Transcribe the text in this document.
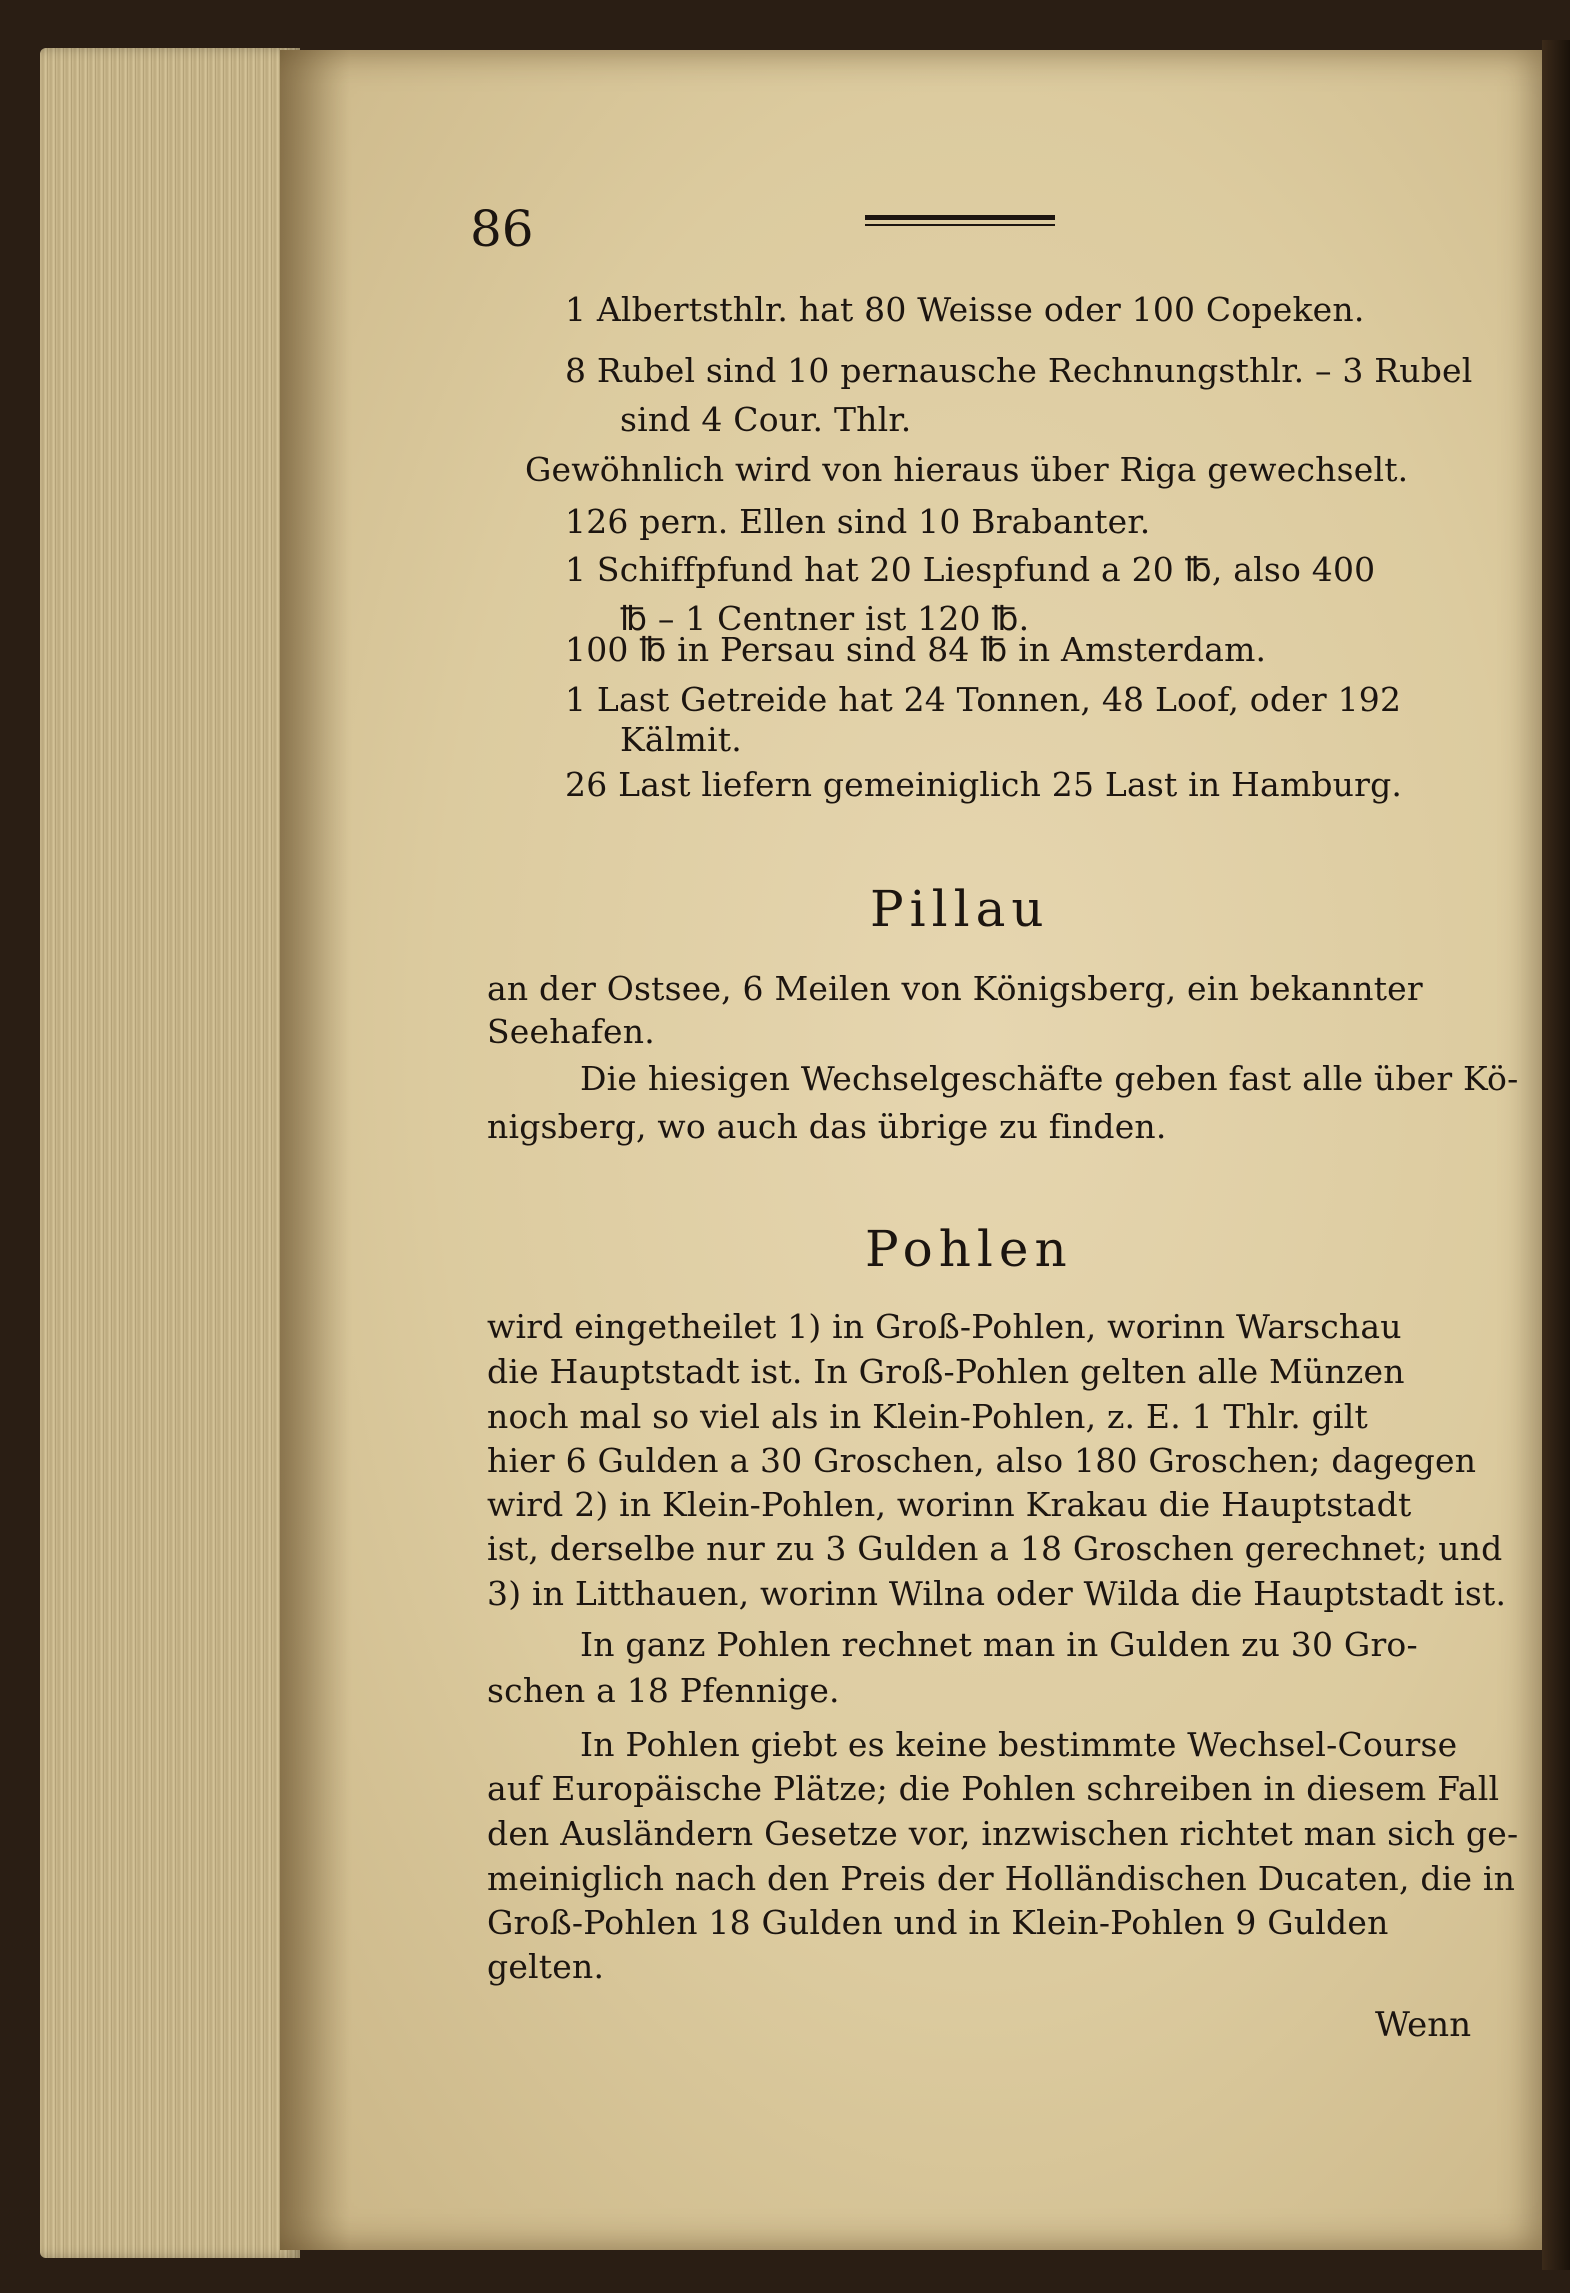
86
1 Albertsthlr. hat 80 Weisse oder 100 Copeken.
8 Rubel sind 10 pernausche Rechnungsthlr. – 3 Rubel
sind 4 Cour. Thlr.
Gewöhnlich wird von hieraus über Riga gewechselt.
126 pern. Ellen sind 10 Brabanter.
1 Schiffpfund hat 20 Liespfund a 20 ℔, also 400
℔ – 1 Centner ist 120 ℔.
100 ℔ in Persau sind 84 ℔ in Amsterdam.
1 Last Getreide hat 24 Tonnen, 48 Loof, oder 192
Kälmit.
26 Last liefern gemeiniglich 25 Last in Hamburg.
Pillau
an der Ostsee, 6 Meilen von Königsberg, ein bekannter
Seehafen.
Die hiesigen Wechselgeschäfte geben fast alle über Kö-
nigsberg, wo auch das übrige zu finden.
Pohlen
wird eingetheilet 1) in Groß-Pohlen, worinn Warschau
die Hauptstadt ist. In Groß-Pohlen gelten alle Münzen
noch mal so viel als in Klein-Pohlen, z. E. 1 Thlr. gilt
hier 6 Gulden a 30 Groschen, also 180 Groschen; dagegen
wird 2) in Klein-Pohlen, worinn Krakau die Hauptstadt
ist, derselbe nur zu 3 Gulden a 18 Groschen gerechnet; und
3) in Litthauen, worinn Wilna oder Wilda die Hauptstadt ist.
In ganz Pohlen rechnet man in Gulden zu 30 Gro-
schen a 18 Pfennige.
In Pohlen giebt es keine bestimmte Wechsel-Course
auf Europäische Plätze; die Pohlen schreiben in diesem Fall
den Ausländern Gesetze vor, inzwischen richtet man sich ge-
meiniglich nach den Preis der Holländischen Ducaten, die in
Groß-Pohlen 18 Gulden und in Klein-Pohlen 9 Gulden
gelten.
Wenn
